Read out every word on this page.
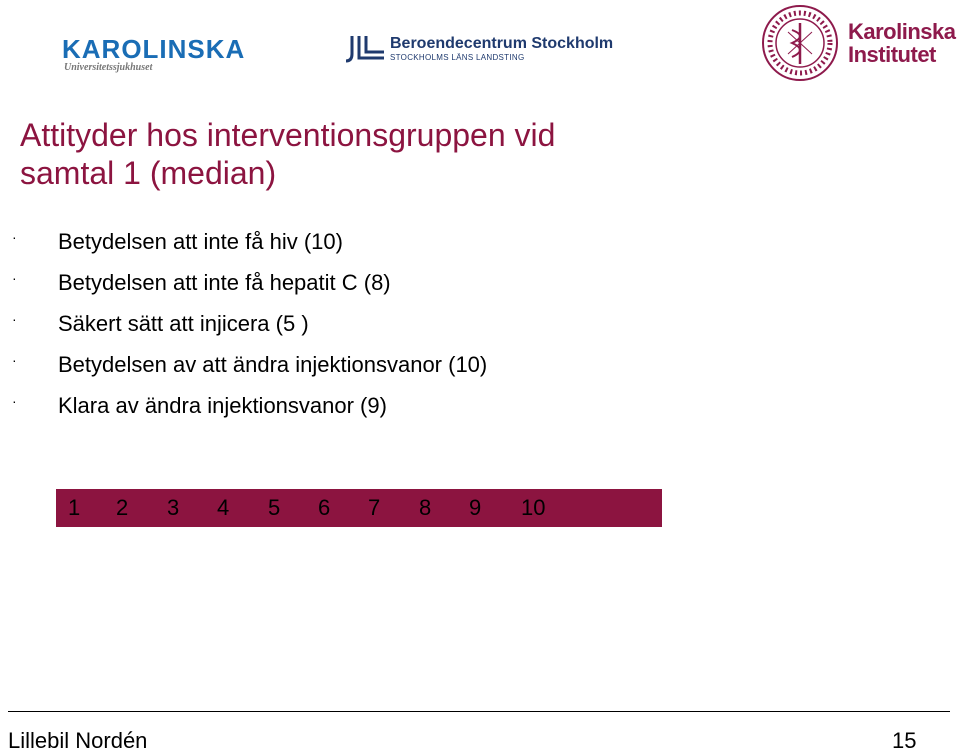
KAROLINSKA
Universitetssjukhuset
Beroendecentrum Stockholm
STOCKHOLMS LÄNS LANDSTING
Karolinska
Institutet
Attityder hos interventionsgruppen vid
samtal 1 (median)
· Betydelsen att inte få hiv (10)
· Betydelsen att inte få hepatit C (8)
· Säkert sätt att injicera (5 )
· Betydelsen av att ändra injektionsvanor (10)
· Klara av ändra injektionsvanor (9)
1 2 3 4 5 6 7 8 9 10
Lillebil Nordén	15
